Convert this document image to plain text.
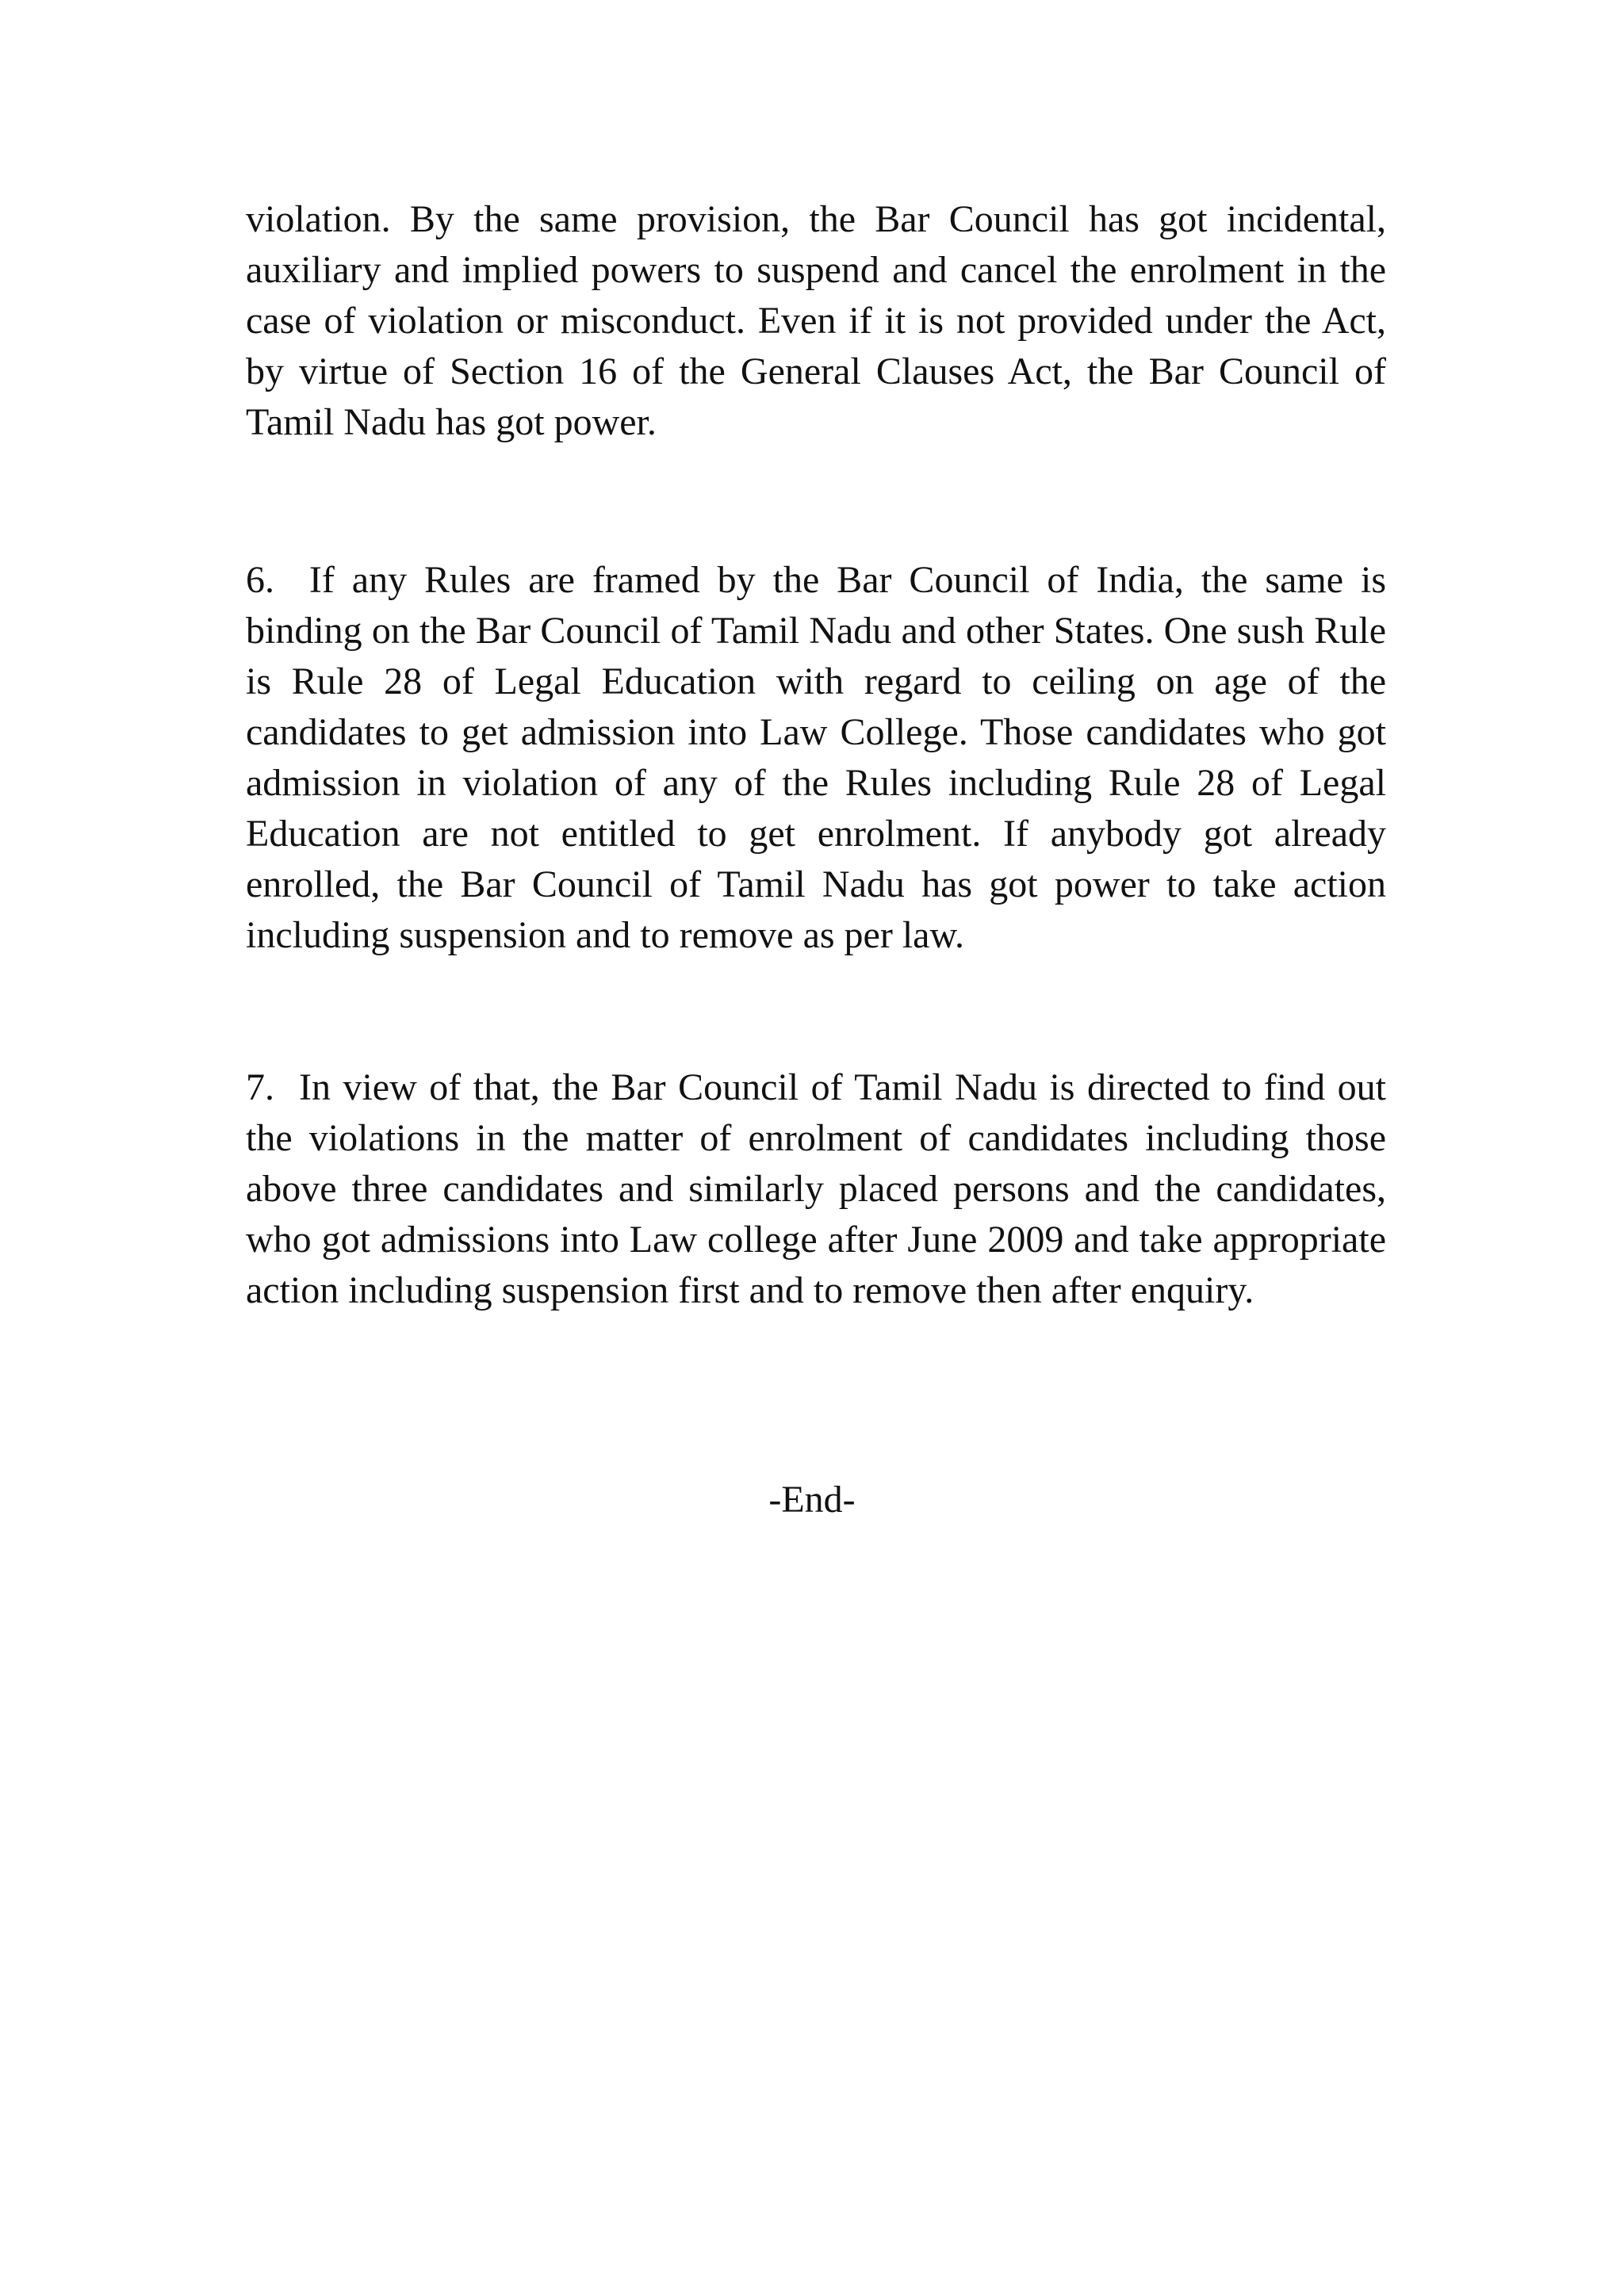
violation. By the same provision, the Bar Council has got incidental, auxiliary and implied powers to suspend and cancel the enrolment in the case of violation or misconduct. Even if it is not provided under the Act, by virtue of Section 16 of the General Clauses Act, the Bar Council of Tamil Nadu has got power.

6.  If any Rules are framed by the Bar Council of India, the same is binding on the Bar Council of Tamil Nadu and other States. One sush Rule is Rule 28 of Legal Education with regard to ceiling on age of the candidates to get admission into Law College. Those candidates who got admission in violation of any of the Rules including Rule 28 of Legal Education are not entitled to get enrolment. If anybody got already enrolled, the Bar Council of Tamil Nadu has got power to take action including suspension and to remove as per law.

7.  In view of that, the Bar Council of Tamil Nadu is directed to find out the violations in the matter of enrolment of candidates including those above three candidates and similarly placed persons and the candidates, who got admissions into Law college after June 2009 and take appropriate action including suspension first and to remove then after enquiry.

-End-
